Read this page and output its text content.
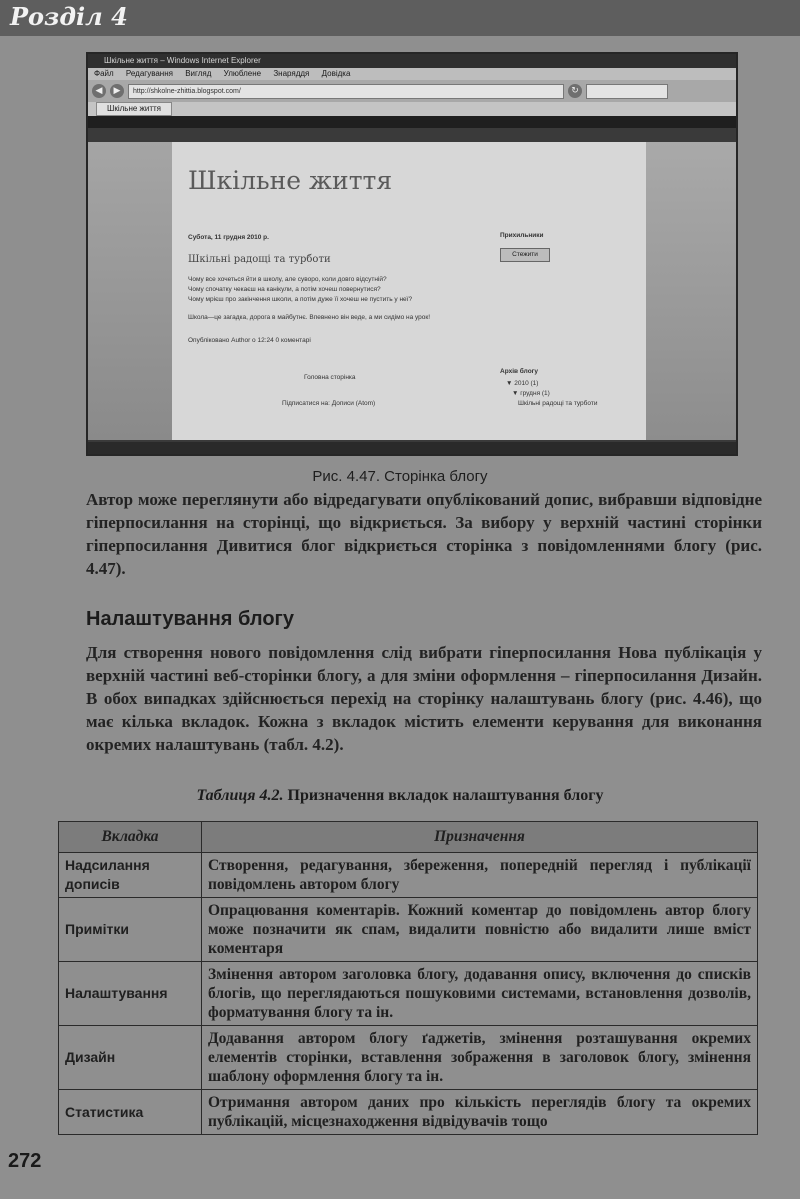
Розділ 4
Шкільне життя – Windows Internet Explorer
Файл Редагування Вигляд Улюблене Знаряддя Довідка
◀	▶	http://shkolne-zhittia.blogspot.com/	↻
Шкільне життя
Шкільне життя
Субота, 11 грудня 2010 р.
Шкільні радощі та турботи
Чому все хочеться йти в школу, але суворо, коли довго відсутній?
Чому спочатку чекаєш на канікули, а потім хочеш повернутися?
Чому мрієш про закінчення школи, а потім дуже її хочеш не пустить у неї?
Школа—це загадка, дорога в майбутнє. Впевнено він веде, а ми сидімо на урок!
Опубліковано Author о 12:24 0 коментарі
Головна сторінка
Підписатися на: Дописи (Atom)
Прихильники
Стежити
Архів блогу
▼ 2010 (1)
▼ грудня (1)
Шкільні радощі та турботи
Рис. 4.47. Сторінка блогу

Автор може переглянути або відредагувати опублікований допис, вибравши відповідне гіперпосилання на сторінці, що відкриється. За вибору у верхній частині сторінки гіперпосилання Дивитися блог відкриється сторінка з повідомленнями блогу (рис. 4.47).

Налаштування блогу

Для створення нового повідомлення слід вибрати гіперпосилання Нова публікація у верхній частині веб-сторінки блогу, а для зміни оформлення – гіперпосилання Дизайн. В обох випадках здійснюється перехід на сторінку налаштувань блогу (рис. 4.46), що має кілька вкладок. Кожна з вкладок містить елементи керування для виконання окремих налаштувань (табл. 4.2).

Таблиця 4.2. Призначення вкладок налаштування блогу
Вкладка	Призначення
Надсилання дописів	Створення, редагування, збереження, попередній перегляд і публікації повідомлень автором блогу
Примітки	Опрацювання коментарів. Кожний коментар до повідомлень автор блогу може позначити як спам, видалити повністю або видалити лише вміст коментаря
Налаштування	Змінення автором заголовка блогу, додавання опису, включення до списків блогів, що переглядаються пошуковими системами, встановлення дозволів, форматування блогу та ін.
Дизайн	Додавання автором блогу ґаджетів, змінення розташування окремих елементів сторінки, вставлення зображення в заголовок блогу, змінення шаблону оформлення блогу та ін.
Статистика	Отримання автором даних про кількість переглядів блогу та окремих публікацій, місцезнаходження відвідувачів тощо
272
